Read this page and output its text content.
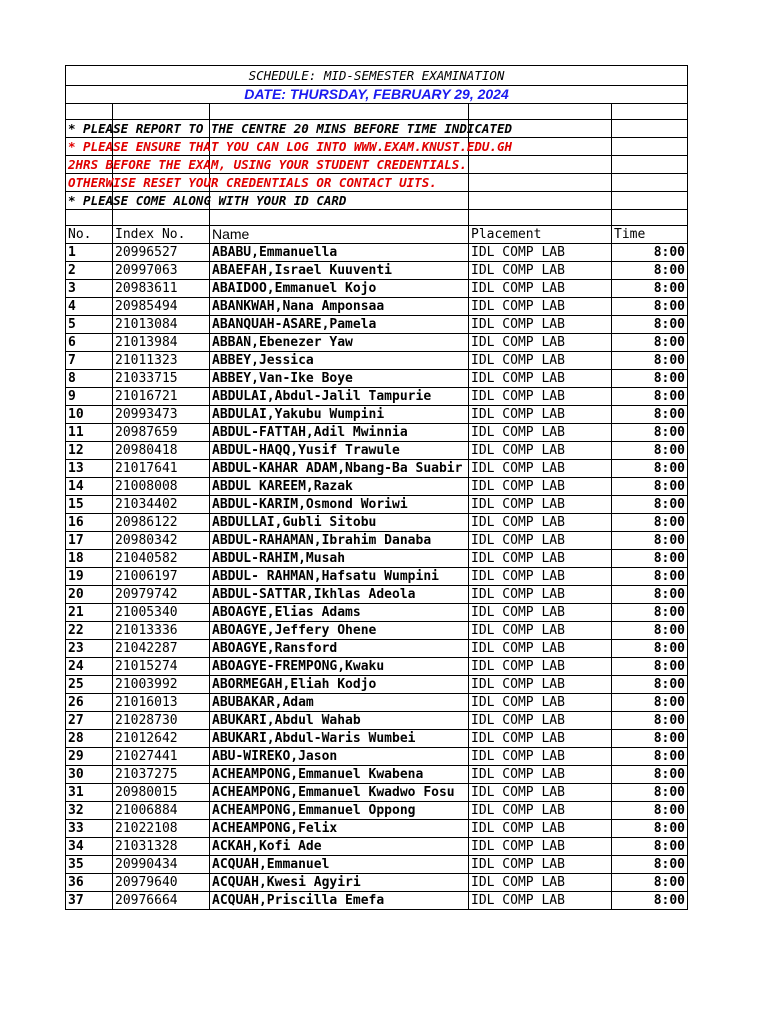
SCHEDULE: MID-SEMESTER EXAMINATION				
DATE: THURSDAY, FEBRUARY 29, 2024				

* PLEASE REPORT TO THE CENTRE 20 MINS BEFORE TIME INDICATED				

* PLEASE ENSURE THAT YOU CAN LOG INTO WWW.EXAM.KNUST.EDU.GH				

2HRS BEFORE THE EXAM, USING YOUR STUDENT CREDENTIALS.				

OTHERWISE RESET YOUR CREDENTIALS OR CONTACT UITS.				

* PLEASE COME ALONG WITH YOUR ID CARD				

No.	Index No.	Name	Placement	Time
1	20996527	ABABU,Emmanuella	IDL COMP LAB	8:00
2	20997063	ABAEFAH,Israel Kuuventi	IDL COMP LAB	8:00
3	20983611	ABAIDOO,Emmanuel Kojo	IDL COMP LAB	8:00
4	20985494	ABANKWAH,Nana Amponsaa	IDL COMP LAB	8:00
5	21013084	ABANQUAH-ASARE,Pamela	IDL COMP LAB	8:00
6	21013984	ABBAN,Ebenezer Yaw	IDL COMP LAB	8:00
7	21011323	ABBEY,Jessica	IDL COMP LAB	8:00
8	21033715	ABBEY,Van-Ike Boye	IDL COMP LAB	8:00
9	21016721	ABDULAI,Abdul-Jalil Tampurie	IDL COMP LAB	8:00
10	20993473	ABDULAI,Yakubu Wumpini	IDL COMP LAB	8:00
11	20987659	ABDUL-FATTAH,Adil Mwinnia	IDL COMP LAB	8:00
12	20980418	ABDUL-HAQQ,Yusif Trawule	IDL COMP LAB	8:00
13	21017641	ABDUL-KAHAR ADAM,Nbang-Ba Suabir	IDL COMP LAB	8:00
14	21008008	ABDUL KAREEM,Razak	IDL COMP LAB	8:00
15	21034402	ABDUL-KARIM,Osmond Woriwi	IDL COMP LAB	8:00
16	20986122	ABDULLAI,Gubli Sitobu	IDL COMP LAB	8:00
17	20980342	ABDUL-RAHAMAN,Ibrahim Danaba	IDL COMP LAB	8:00
18	21040582	ABDUL-RAHIM,Musah	IDL COMP LAB	8:00
19	21006197	ABDUL- RAHMAN,Hafsatu Wumpini	IDL COMP LAB	8:00
20	20979742	ABDUL-SATTAR,Ikhlas Adeola	IDL COMP LAB	8:00
21	21005340	ABOAGYE,Elias Adams	IDL COMP LAB	8:00
22	21013336	ABOAGYE,Jeffery Ohene	IDL COMP LAB	8:00
23	21042287	ABOAGYE,Ransford	IDL COMP LAB	8:00
24	21015274	ABOAGYE-FREMPONG,Kwaku	IDL COMP LAB	8:00
25	21003992	ABORMEGAH,Eliah Kodjo	IDL COMP LAB	8:00
26	21016013	ABUBAKAR,Adam	IDL COMP LAB	8:00
27	21028730	ABUKARI,Abdul Wahab	IDL COMP LAB	8:00
28	21012642	ABUKARI,Abdul-Waris Wumbei	IDL COMP LAB	8:00
29	21027441	ABU-WIREKO,Jason	IDL COMP LAB	8:00
30	21037275	ACHEAMPONG,Emmanuel Kwabena	IDL COMP LAB	8:00
31	20980015	ACHEAMPONG,Emmanuel Kwadwo Fosu	IDL COMP LAB	8:00
32	21006884	ACHEAMPONG,Emmanuel Oppong	IDL COMP LAB	8:00
33	21022108	ACHEAMPONG,Felix	IDL COMP LAB	8:00
34	21031328	ACKAH,Kofi Ade	IDL COMP LAB	8:00
35	20990434	ACQUAH,Emmanuel	IDL COMP LAB	8:00
36	20979640	ACQUAH,Kwesi Agyiri	IDL COMP LAB	8:00
37	20976664	ACQUAH,Priscilla Emefa	IDL COMP LAB	8:00
